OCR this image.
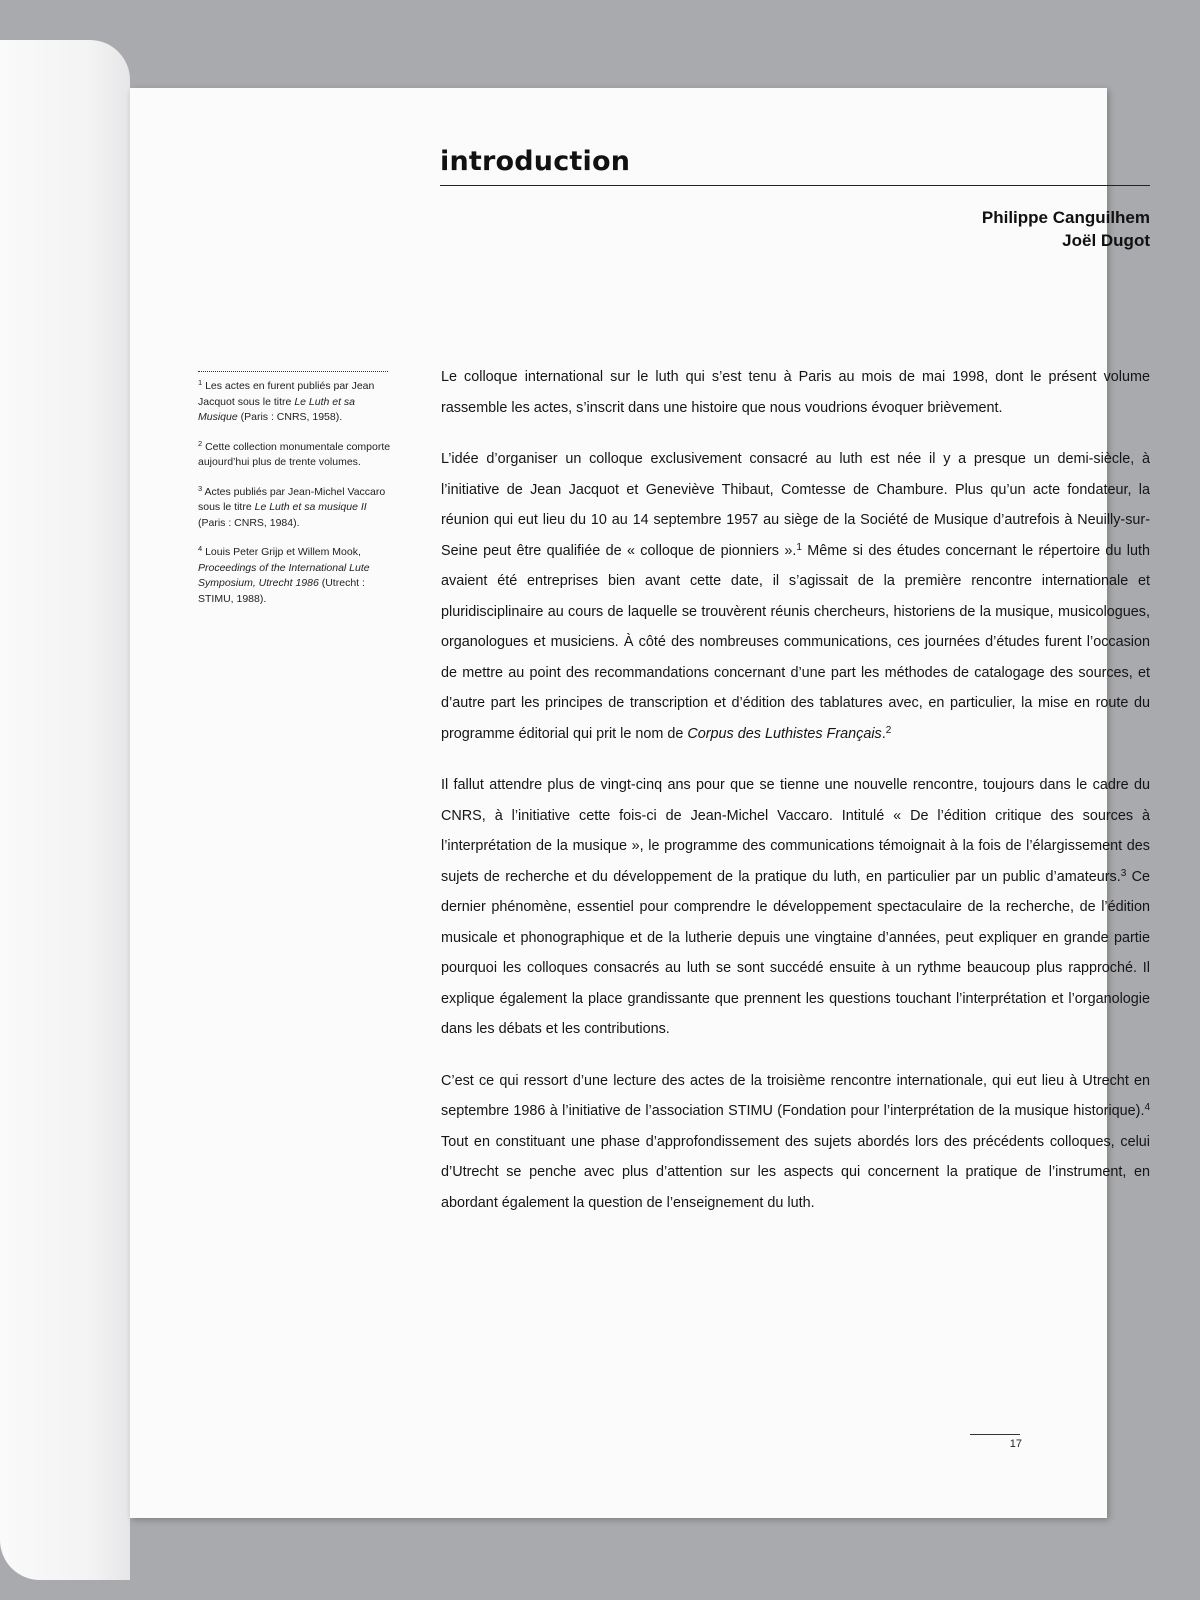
introduction
Philippe Canguilhem
Joël Dugot

$^1$ Les actes en furent publiés par Jean Jacquot sous le titre Le Luth et sa Musique (Paris : CNRS, 1958).

$^2$ Cette collection monumentale comporte aujourd’hui plus de trente volumes.

$^3$ Actes publiés par Jean-Michel Vaccaro sous le titre Le Luth et sa musique II (Paris : CNRS, 1984).

$^4$ Louis Peter Grijp et Willem Mook, Proceedings of the International Lute Symposium, Utrecht 1986 (Utrecht : STIMU, 1988).

Le colloque international sur le luth qui s’est tenu à Paris au mois de mai 1998, dont le présent volume rassemble les actes, s’inscrit dans une histoire que nous voudrions évoquer brièvement.

L’idée d’organiser un colloque exclusivement consacré au luth est née il y a presque un demi-siècle, à l’initiative de Jean Jacquot et Geneviève Thibaut, Comtesse de Chambure. Plus qu’un acte fondateur, la réunion qui eut lieu du 10 au 14 septembre 1957 au siège de la Société de Musique d’autrefois à Neuilly-sur-Seine peut être qualifiée de « colloque de pionniers ».$^1$ Même si des études concernant le répertoire du luth avaient été entreprises bien avant cette date, il s’agissait de la première rencontre internationale et pluridisciplinaire au cours de laquelle se trouvèrent réunis chercheurs, historiens de la musique, musicologues, organologues et musiciens. À côté des nombreuses communications, ces journées d’études furent l’occasion de mettre au point des recommandations concernant d’une part les méthodes de catalogage des sources, et d’autre part les principes de transcription et d’édition des tablatures avec, en particulier, la mise en route du programme éditorial qui prit le nom de Corpus des Luthistes Français.$^2$

Il fallut attendre plus de vingt-cinq ans pour que se tienne une nouvelle rencontre, toujours dans le cadre du CNRS, à l’initiative cette fois-ci de Jean-Michel Vaccaro. Intitulé « De l’édition critique des sources à l’interprétation de la musique », le programme des communications témoignait à la fois de l’élargissement des sujets de recherche et du développement de la pratique du luth, en particulier par un public d’amateurs.$^3$ Ce dernier phénomène, essentiel pour comprendre le développement spectaculaire de la recherche, de l’édition musicale et phonographique et de la lutherie depuis une vingtaine d’années, peut expliquer en grande partie pourquoi les colloques consacrés au luth se sont succédé ensuite à un rythme beaucoup plus rapproché. Il explique également la place grandissante que prennent les questions touchant l’interprétation et l’organologie dans les débats et les contributions.

C’est ce qui ressort d’une lecture des actes de la troisième rencontre internationale, qui eut lieu à Utrecht en septembre 1986 à l’initiative de l’association STIMU (Fondation pour l’interprétation de la musique historique).$^4$ Tout en constituant une phase d’approfondissement des sujets abordés lors des précédents colloques, celui d’Utrecht se penche avec plus d’attention sur les aspects qui concernent la pratique de l’instrument, en abordant également la question de l’enseignement du luth.

17
